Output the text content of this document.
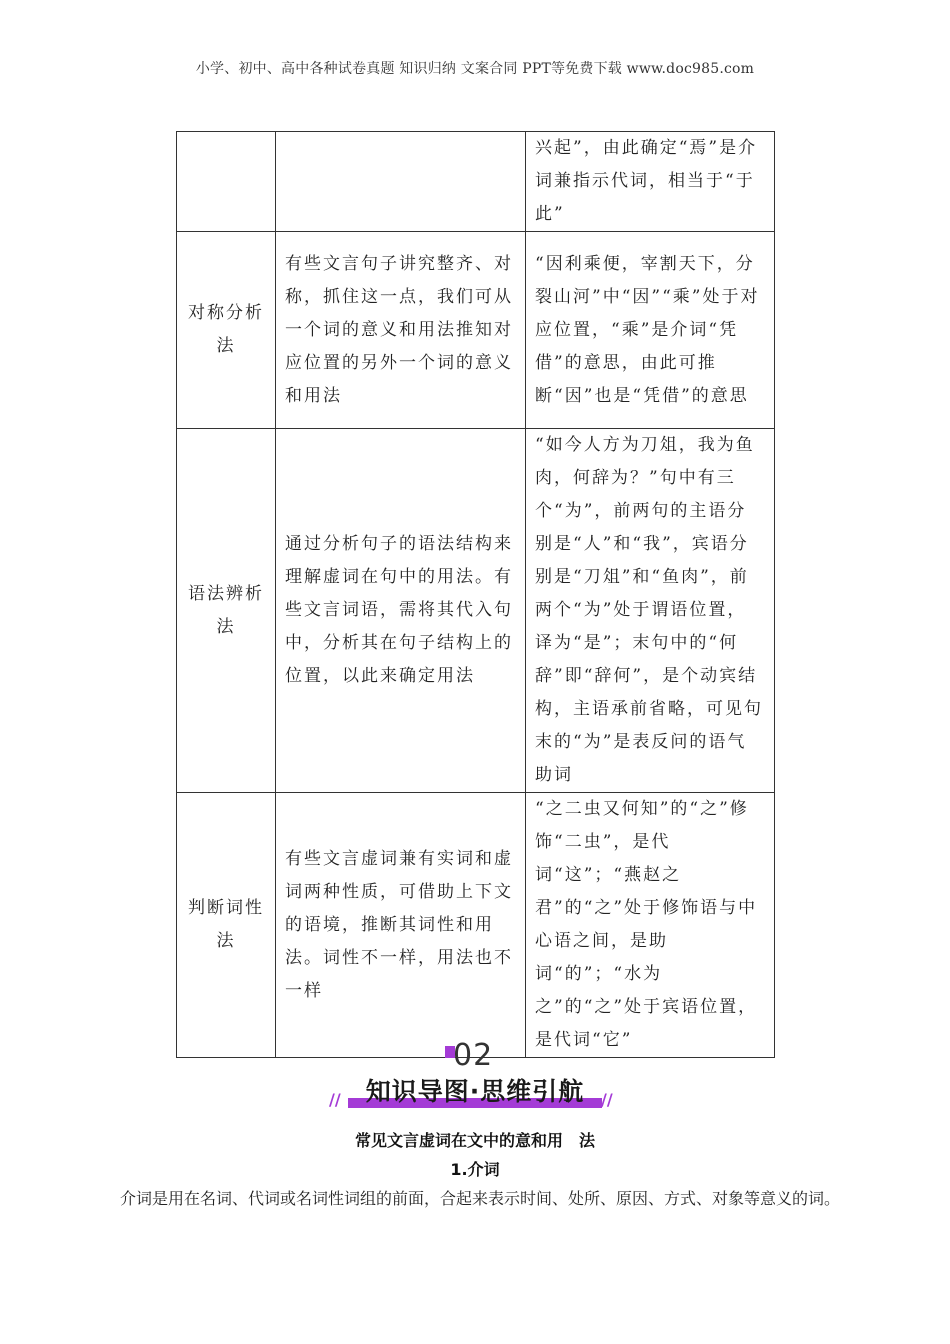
小学、初中、高中各种试卷真题 知识归纳 文案合同 PPT等免费下载 www.doc985.com
		兴起”，由此确定“焉”是介词兼指示代词，相当于“于此”
对称分析法	有些文言句子讲究整齐、对称，抓住这一点，我们可从一个词的意义和用法推知对应位置的另外一个词的意义和用法	“因利乘便，宰割天下，分裂山河”中“因”“乘”处于对应位置，“乘”是介词“凭借”的意思，由此可推断“因”也是“凭借”的意思
语法辨析法	通过分析句子的语法结构来理解虚词在句中的用法。有些文言词语，需将其代入句中，分析其在句子结构上的位置，以此来确定用法	“如今人方为刀俎，我为鱼肉，何辞为？”句中有三个“为”，前两句的主语分别是“人”和“我”，宾语分别是“刀俎”和“鱼肉”，前两个“为”处于谓语位置，译为“是”；末句中的“何辞”即“辞何”，是个动宾结构，主语承前省略，可见句末的“为”是表反问的语气助词
判断词性法	有些文言虚词兼有实词和虚词两种性质，可借助上下文的语境，推断其词性和用法。词性不一样，用法也不一样	“之二虫又何知”的“之”修饰“二虫”，是代词“这”；“燕赵之君”的“之”处于修饰语与中心语之间，是助词“的”；“水为之”的“之”处于宾语位置，是代词“它”
02
//	知识导图·思维引航	//
常见文言虚词在文中的意和用　法
1.介词
介词是用在名词、代词或名词性词组的前面，合起来表示时间、处所、原因、方式、对象等意义的词。
